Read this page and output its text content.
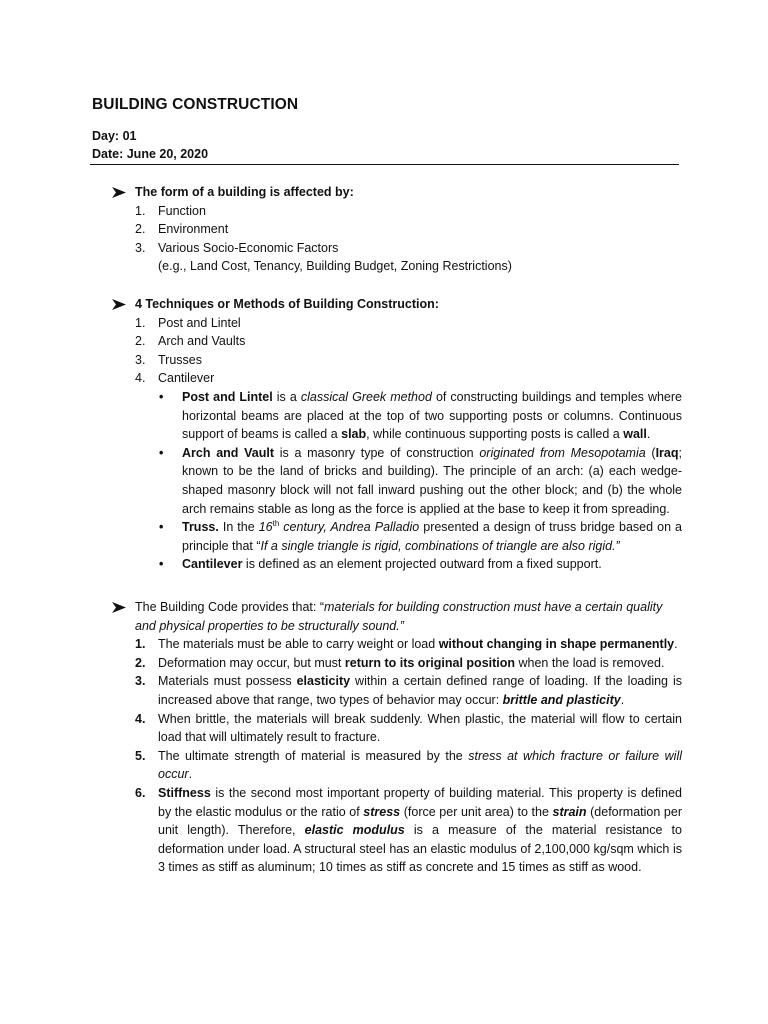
BUILDING CONSTRUCTION
Day: 01
Date: June 20, 2020
The form of a building is affected by:
1. Function
2. Environment
3. Various Socio-Economic Factors
(e.g., Land Cost, Tenancy, Building Budget, Zoning Restrictions)
4 Techniques or Methods of Building Construction:
1. Post and Lintel
2. Arch and Vaults
3. Trusses
4. Cantilever
• Post and Lintel is a classical Greek method of constructing buildings and temples where horizontal beams are placed at the top of two supporting posts or columns. Continuous support of beams is called a slab, while continuous supporting posts is called a wall.
• Arch and Vault is a masonry type of construction originated from Mesopotamia (Iraq; known to be the land of bricks and building). The principle of an arch: (a) each wedge-shaped masonry block will not fall inward pushing out the other block; and (b) the whole arch remains stable as long as the force is applied at the base to keep it from spreading.
• Truss. In the 16th century, Andrea Palladio presented a design of truss bridge based on a principle that “If a single triangle is rigid, combinations of triangle are also rigid.”
• Cantilever is defined as an element projected outward from a fixed support.
The Building Code provides that: “materials for building construction must have a certain quality and physical properties to be structurally sound.”
1. The materials must be able to carry weight or load without changing in shape permanently.
2. Deformation may occur, but must return to its original position when the load is removed.
3. Materials must possess elasticity within a certain defined range of loading. If the loading is increased above that range, two types of behavior may occur: brittle and plasticity.
4. When brittle, the materials will break suddenly. When plastic, the material will flow to certain load that will ultimately result to fracture.
5. The ultimate strength of material is measured by the stress at which fracture or failure will occur.
6. Stiffness is the second most important property of building material. This property is defined by the elastic modulus or the ratio of stress (force per unit area) to the strain (deformation per unit length). Therefore, elastic modulus is a measure of the material resistance to deformation under load. A structural steel has an elastic modulus of 2,100,000 kg/sqm which is 3 times as stiff as aluminum; 10 times as stiff as concrete and 15 times as stiff as wood.
